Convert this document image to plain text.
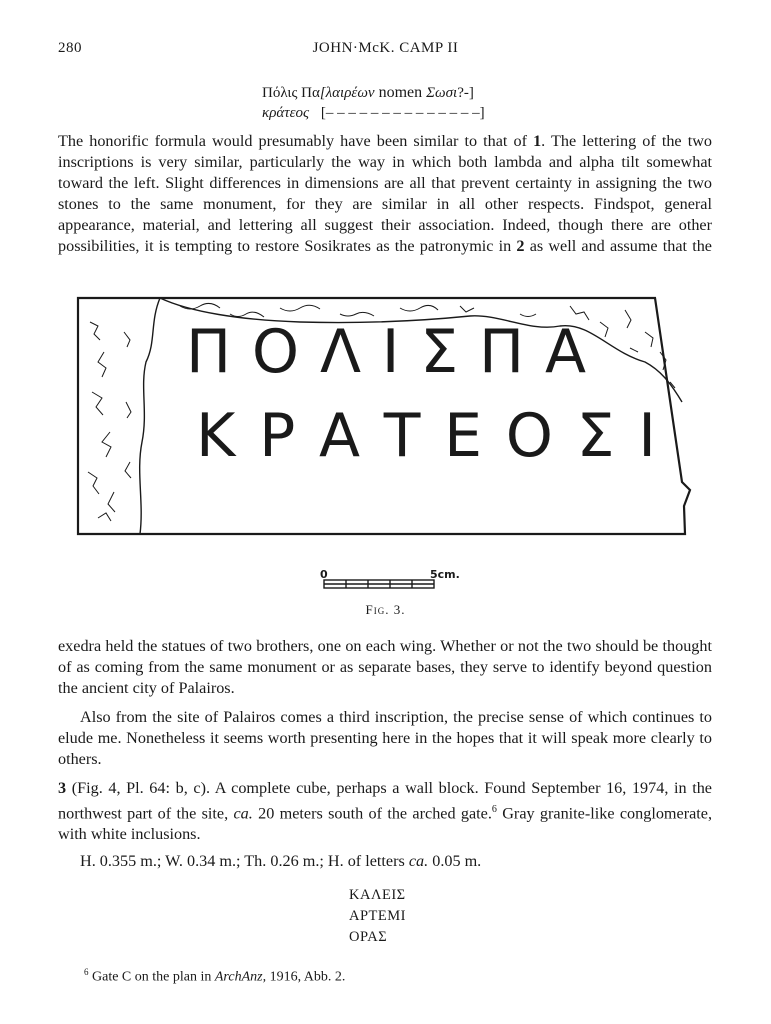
280	JOHN·McK. CAMP II
Πόλις Πα[λαιρέων nomen Σωσι?-]
κράτεος [– – – – – – – – – – – – – –]

The honorific formula would presumably have been similar to that of 1. The lettering of the two inscriptions is very similar, particularly the way in which both lambda and alpha tilt somewhat toward the left. Slight differences in dimensions are all that prevent certainty in assigning the two stones to the same monument, for they are similar in all other respects. Findspot, general appearance, material, and lettering all suggest their association. Indeed, though there are other possibilities, it is tempting to restore Sosikrates as the patronymic in 2 as well and assume that the

ΠΟΛΙΣΠΑ
ΚΡΑΤΕΟΣΙ
0	5cm.
Fig. 3.

exedra held the statues of two brothers, one on each wing. Whether or not the two should be thought of as coming from the same monument or as separate bases, they serve to identify beyond question the ancient city of Palairos.

Also from the site of Palairos comes a third inscription, the precise sense of which continues to elude me. Nonetheless it seems worth presenting here in the hopes that it will speak more clearly to others.

3 (Fig. 4, Pl. 64: b, c). A complete cube, perhaps a wall block. Found September 16, 1974, in the northwest part of the site, ca. 20 meters south of the arched gate.$^6$ Gray granite-like conglomerate, with white inclusions.

H. 0.355 m.; W. 0.34 m.; Th. 0.26 m.; H. of letters ca. 0.05 m.
ΚΑΛΕΙΣ
ΑΡΤΕΜΙ
ΟΡΑΣ
$^6$ Gate C on the plan in ArchAnz, 1916, Abb. 2.
